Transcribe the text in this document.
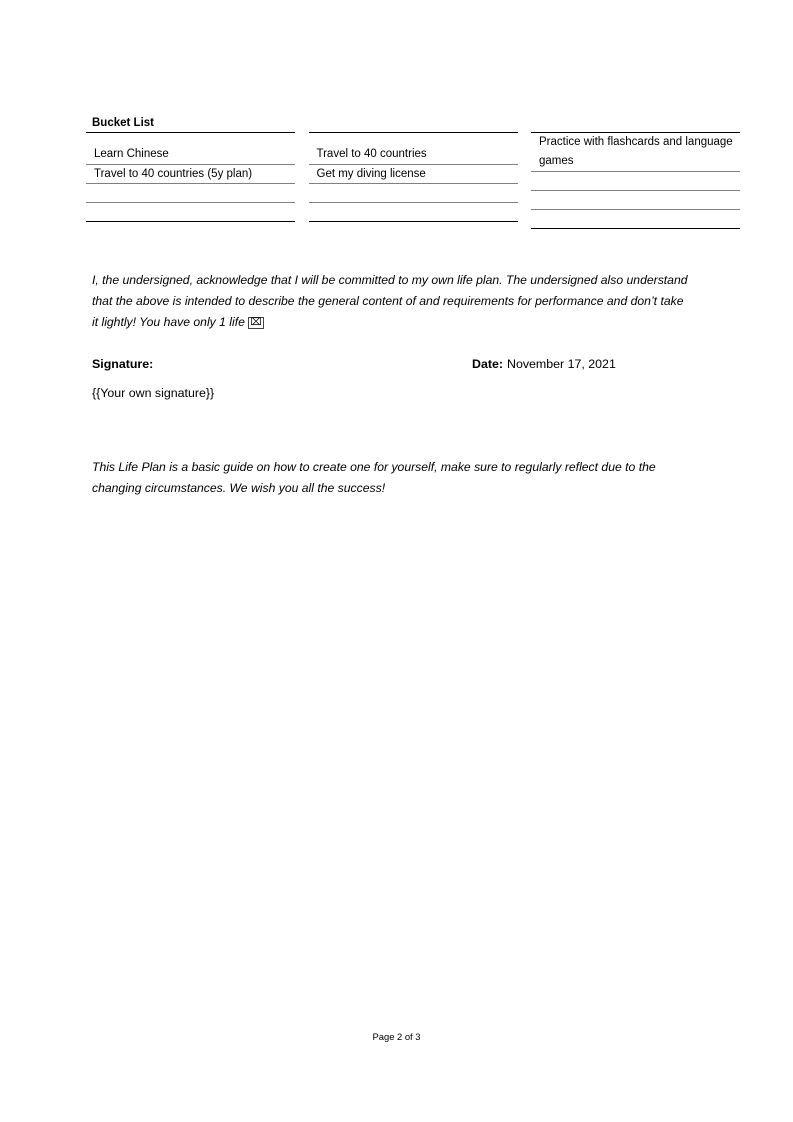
Bucket List
Learn Chinese
Travel to 40 countries (5y plan)
Travel to 40 countries
Get my diving license
Practice with flashcards and language games

I, the undersigned, acknowledge that I will be committed to my own life plan. The undersigned also understand that the above is intended to describe the general content of and requirements for performance and don’t take it lightly! You have only 1 life ⌧

Signature:	Date: November 17, 2021
{{Your own signature}}

This Life Plan is a basic guide on how to create one for yourself, make sure to regularly reflect due to the changing circumstances. We wish you all the success!

Page 2 of 3
